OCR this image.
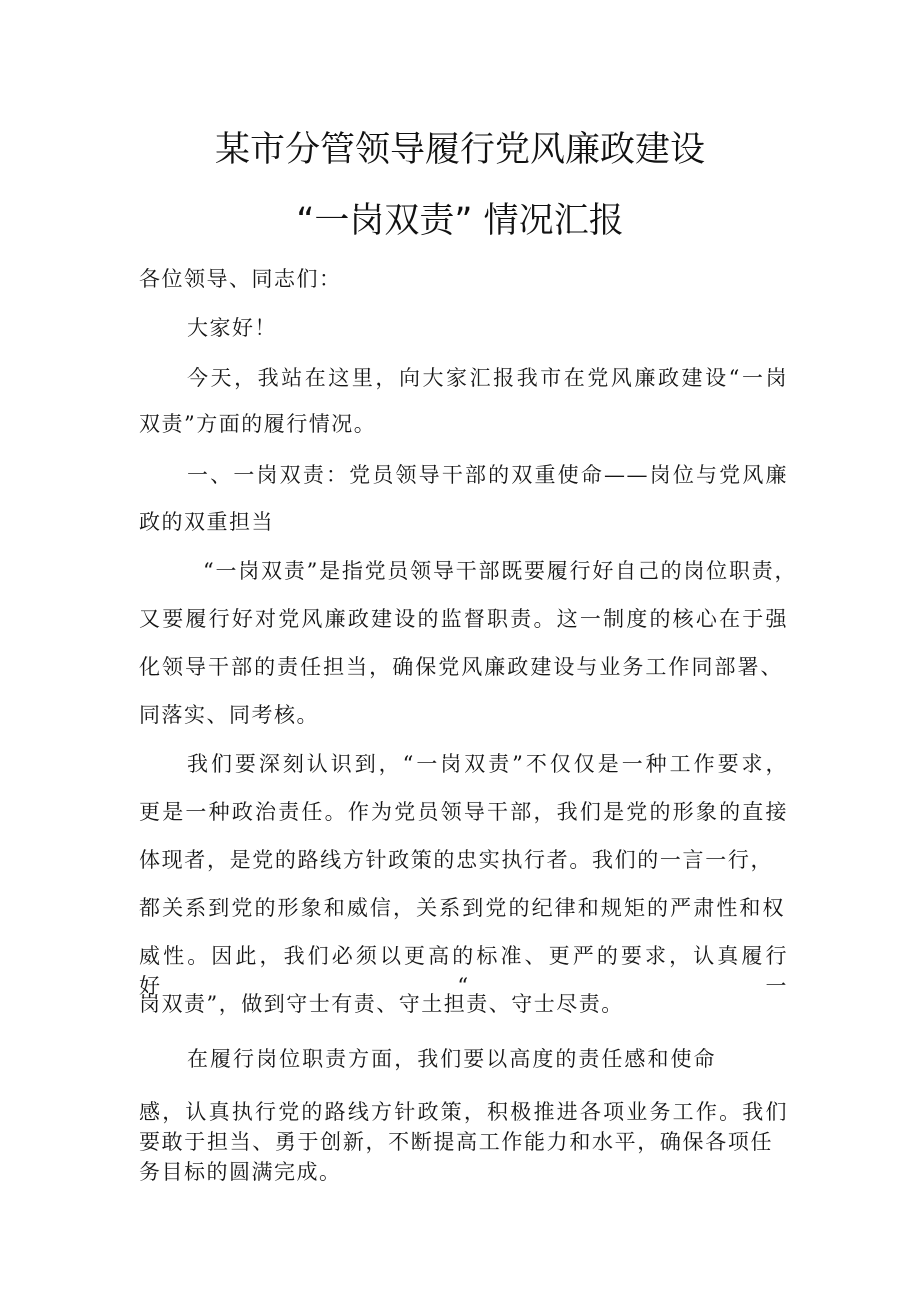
某市分管领导履行党风廉政建设
“一岗双责” 情况汇报
各位领导、同志们：
大家好！
今天，我站在这里，向大家汇报我市在党风廉政建设“一岗
双责”方面的履行情况。
一、一岗双责：党员领导干部的双重使命——岗位与党风廉
政的双重担当
“一岗双责”是指党员领导干部既要履行好自己的岗位职责，
又要履行好对党风廉政建设的监督职责。这一制度的核心在于强
化领导干部的责任担当，确保党风廉政建设与业务工作同部署、
同落实、同考核。
我们要深刻认识到，“一岗双责”不仅仅是一种工作要求，
更是一种政治责任。作为党员领导干部，我们是党的形象的直接
体现者，是党的路线方针政策的忠实执行者。我们的一言一行，
都关系到党的形象和威信，关系到党的纪律和规矩的严肃性和权
威性。因此，我们必须以更高的标准、更严的要求，认真履行好“一
岗双责”，做到守士有责、守土担责、守士尽责。
在履行岗位职责方面，我们要以高度的责任感和使命
感，认真执行党的路线方针政策，积极推进各项业务工作。我们
要敢于担当、勇于创新，不断提高工作能力和水平，确保各项任
务目标的圆满完成。
